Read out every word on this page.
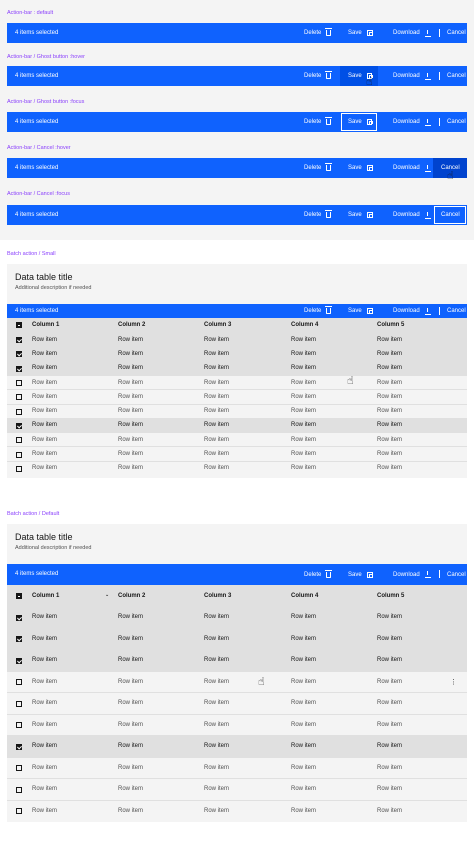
Action-bar : default
4 items selected	Delete	Save	Download	Cancel
Action-bar / Ghost button :hover
4 items selected	Delete	Save	Download	Cancel
☝
Action-bar / Ghost button :focus
4 items selected	Delete	Save	Download	Cancel
Action-bar / Cancel :hover
4 items selected	Delete	Save	Download	Cancel
☝
Action-bar / Cancel :focus
4 items selected	Delete	Save	Download	Cancel
Batch action / Small
Data table title
Additional description if needed
4 items selected	Delete	Save	Download	Cancel
Column 1	Column 2	Column 3	Column 4	Column 5
Row item	Row item	Row item	Row item	Row item
Row item	Row item	Row item	Row item	Row item
Row item	Row item	Row item	Row item	Row item
Row item	Row item	Row item	Row item	Row item
Row item	Row item	Row item	Row item	Row item
Row item	Row item	Row item	Row item	Row item
Row item	Row item	Row item	Row item	Row item
Row item	Row item	Row item	Row item	Row item
Row item	Row item	Row item	Row item	Row item
Row item	Row item	Row item	Row item	Row item
☝
Batch action / Default
Data table title
Additional description if needed
4 items selected	Delete	Save	Download	Cancel
Column 1	Column 2	Column 3	Column 4	Column 5
⌄
Row item	Row item	Row item	Row item	Row item
Row item	Row item	Row item	Row item	Row item
Row item	Row item	Row item	Row item	Row item
Row item	Row item	Row item	Row item	Row item	⋮
Row item	Row item	Row item	Row item	Row item
Row item	Row item	Row item	Row item	Row item
Row item	Row item	Row item	Row item	Row item
Row item	Row item	Row item	Row item	Row item
Row item	Row item	Row item	Row item	Row item
Row item	Row item	Row item	Row item	Row item
☝
